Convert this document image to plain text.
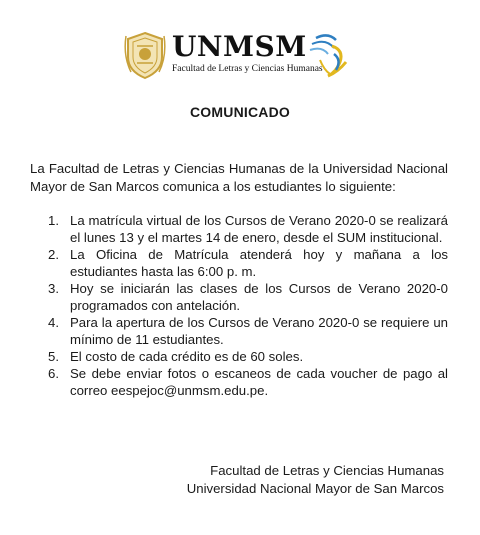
UNMSM
Facultad de Letras y Ciencias Humanas
COMUNICADO

La Facultad de Letras y Ciencias Humanas de la Universidad Nacional Mayor de San Marcos comunica a los estudiantes lo siguiente:

1. La matrícula virtual de los Cursos de Verano 2020-0 se realizará el lunes 13 y el martes 14 de enero, desde el SUM institucional.
2. La Oficina de Matrícula atenderá hoy y mañana a los estudiantes hasta las 6:00 p. m.
3. Hoy se iniciarán las clases de los Cursos de Verano 2020-0 programados con antelación.
4. Para la apertura de los Cursos de Verano 2020-0 se requiere un mínimo de 11 estudiantes.
5. El costo de cada crédito es de 60 soles.
6. Se debe enviar fotos o escaneos de cada voucher de pago al correo eespejoc@unmsm.edu.pe.
Facultad de Letras y Ciencias Humanas
Universidad Nacional Mayor de San Marcos
